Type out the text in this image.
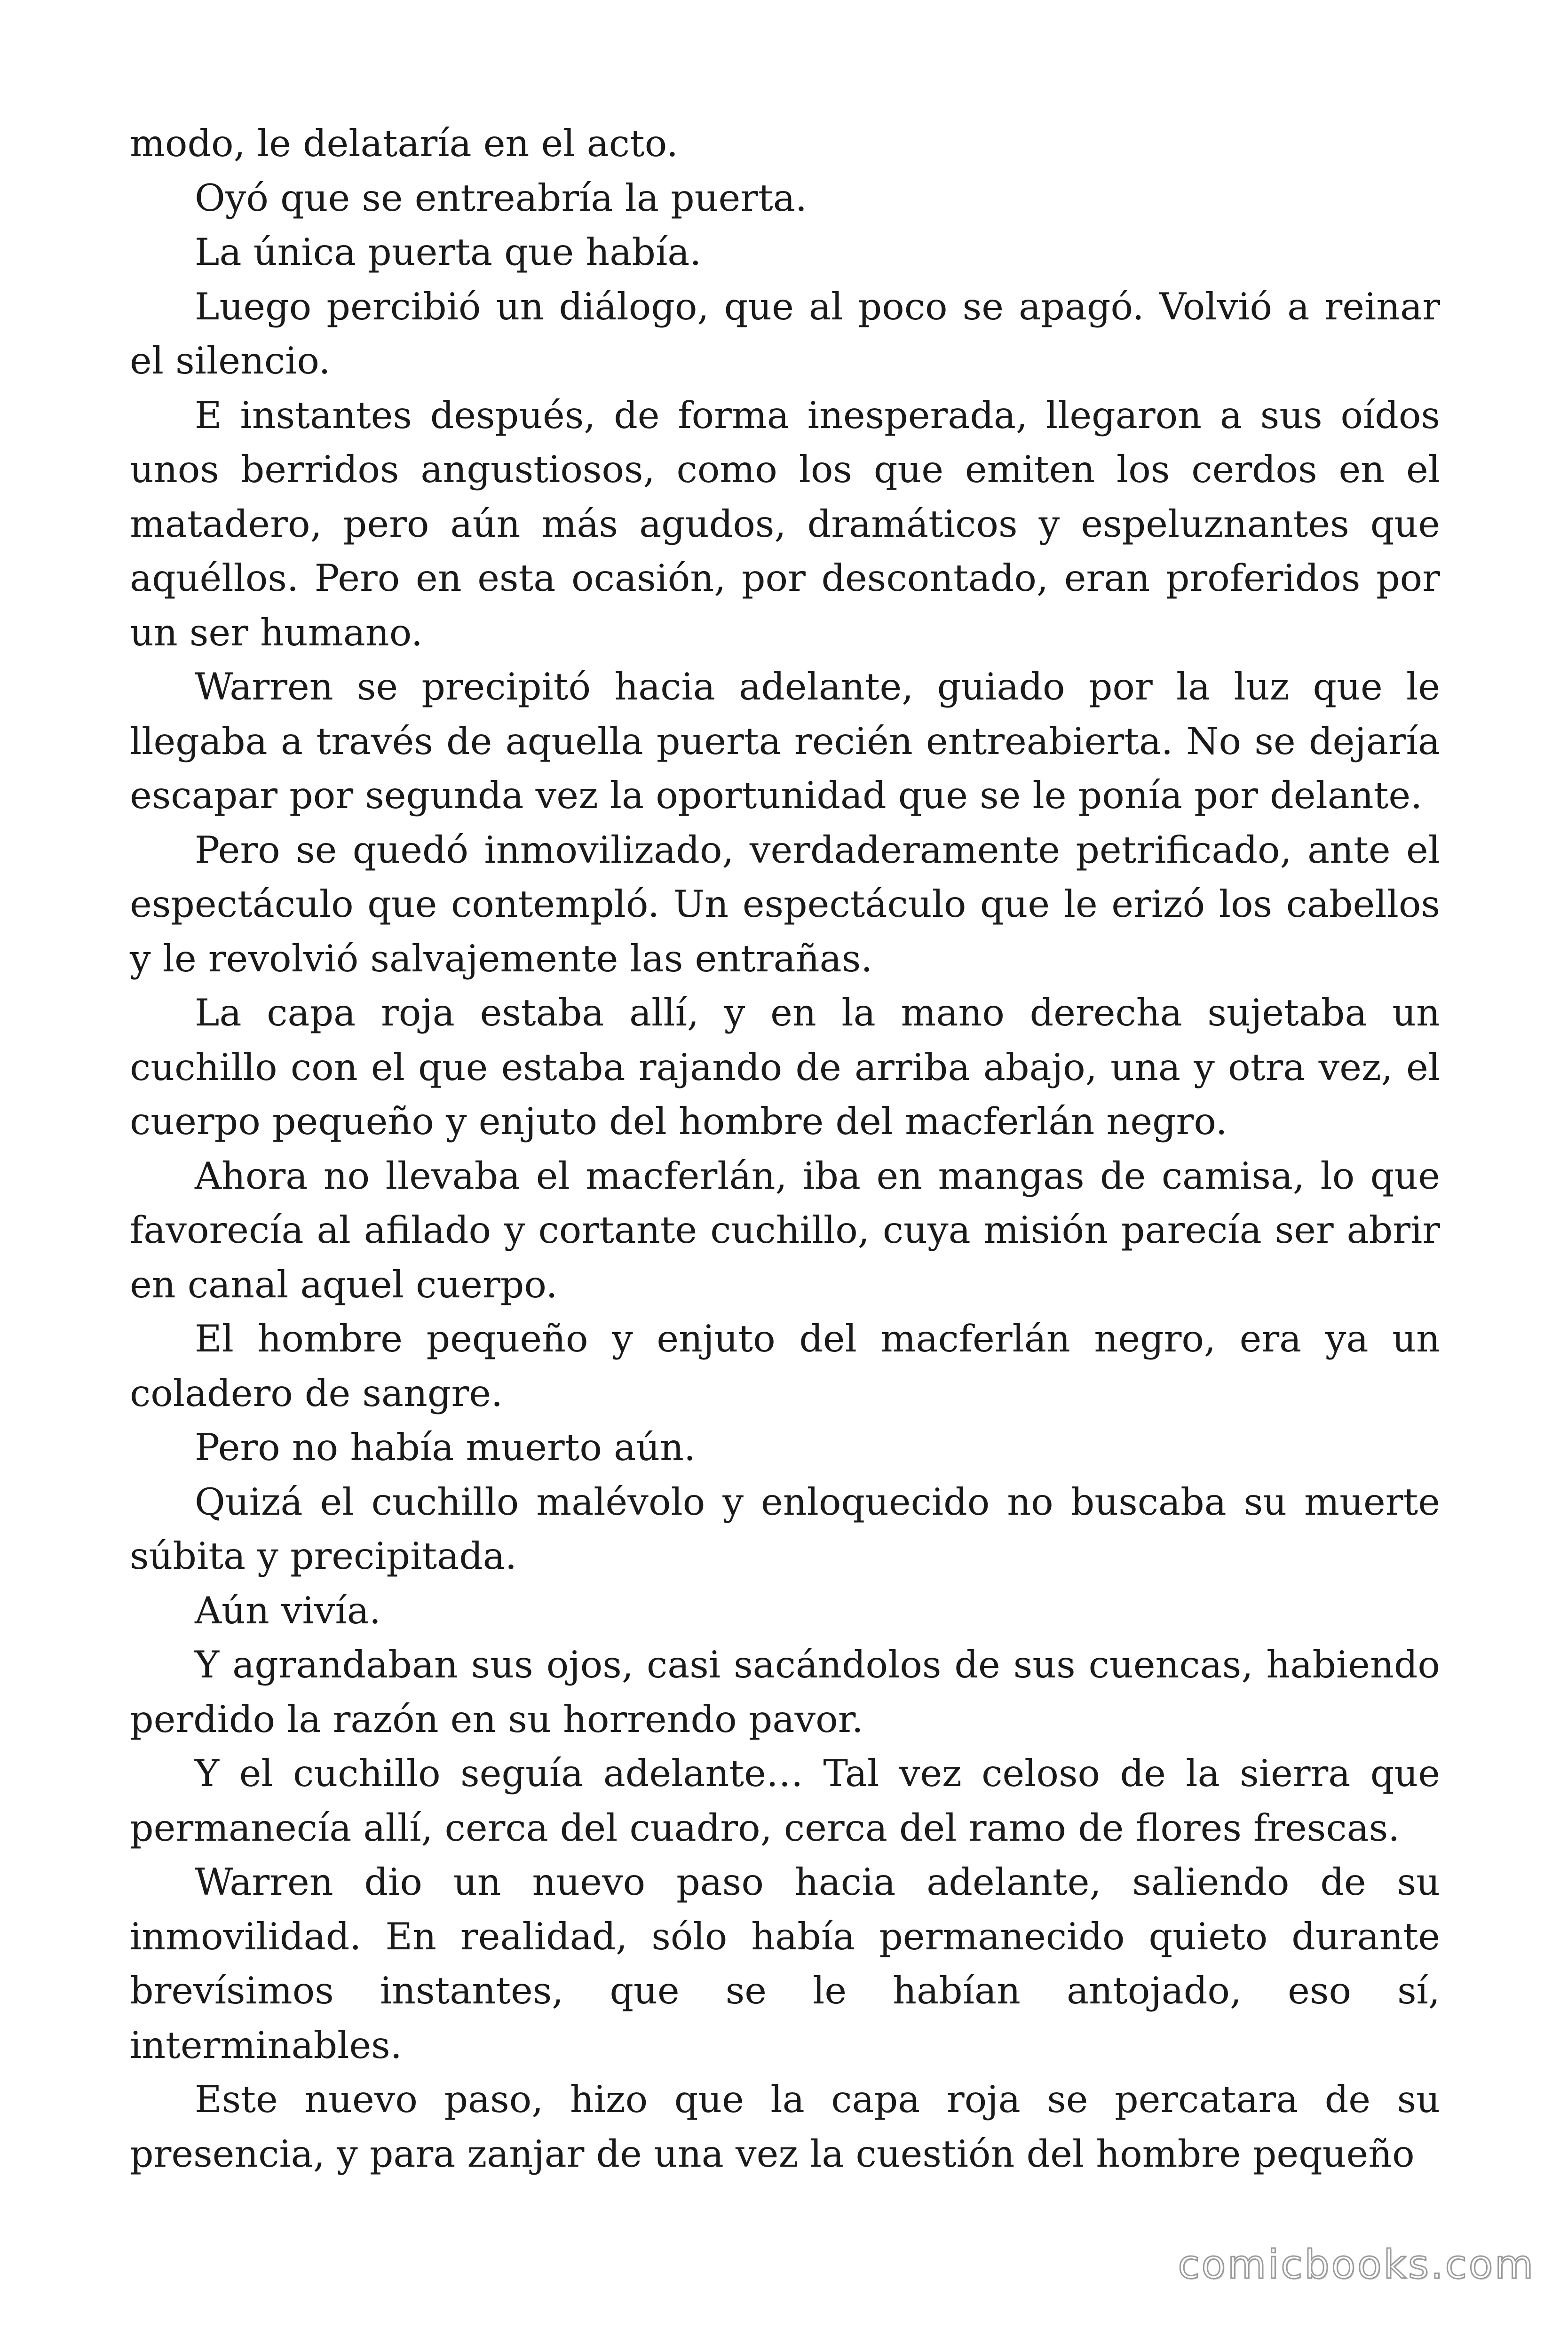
modo, le delataría en el acto.

Oyó que se entreabría la puerta.

La única puerta que había.

Luego percibió un diálogo, que al poco se apagó. Volvió a reinar el silencio.

E instantes después, de forma inesperada, llegaron a sus oídos unos berridos angustiosos, como los que emiten los cerdos en el matadero, pero aún más agudos, dramáticos y espeluznantes que aquéllos. Pero en esta ocasión, por descontado, eran proferidos por un ser humano.

Warren se precipitó hacia adelante, guiado por la luz que le llegaba a través de aquella puerta recién entreabierta. No se dejaría escapar por segunda vez la oportunidad que se le ponía por delante.

Pero se quedó inmovilizado, verdaderamente petrificado, ante el espectáculo que contempló. Un espectáculo que le erizó los cabellos y le revolvió salvajemente las entrañas.

La capa roja estaba allí, y en la mano derecha sujetaba un cuchillo con el que estaba rajando de arriba abajo, una y otra vez, el cuerpo pequeño y enjuto del hombre del macferlán negro.

Ahora no llevaba el macferlán, iba en mangas de camisa, lo que favorecía al afilado y cortante cuchillo, cuya misión parecía ser abrir en canal aquel cuerpo.

El hombre pequeño y enjuto del macferlán negro, era ya un coladero de sangre.

Pero no había muerto aún.

Quizá el cuchillo malévolo y enloquecido no buscaba su muerte súbita y precipitada.

Aún vivía.

Y agrandaban sus ojos, casi sacándolos de sus cuencas, habiendo perdido la razón en su horrendo pavor.

Y el cuchillo seguía adelante… Tal vez celoso de la sierra que permanecía allí, cerca del cuadro, cerca del ramo de flores frescas.

Warren dio un nuevo paso hacia adelante, saliendo de su inmovilidad. En realidad, sólo había permanecido quieto durante brevísimos instantes, que se le habían antojado, eso sí, interminables.

Este nuevo paso, hizo que la capa roja se percatara de su presencia, y para zanjar de una vez la cuestión del hombre pequeño

comicbooks.com
